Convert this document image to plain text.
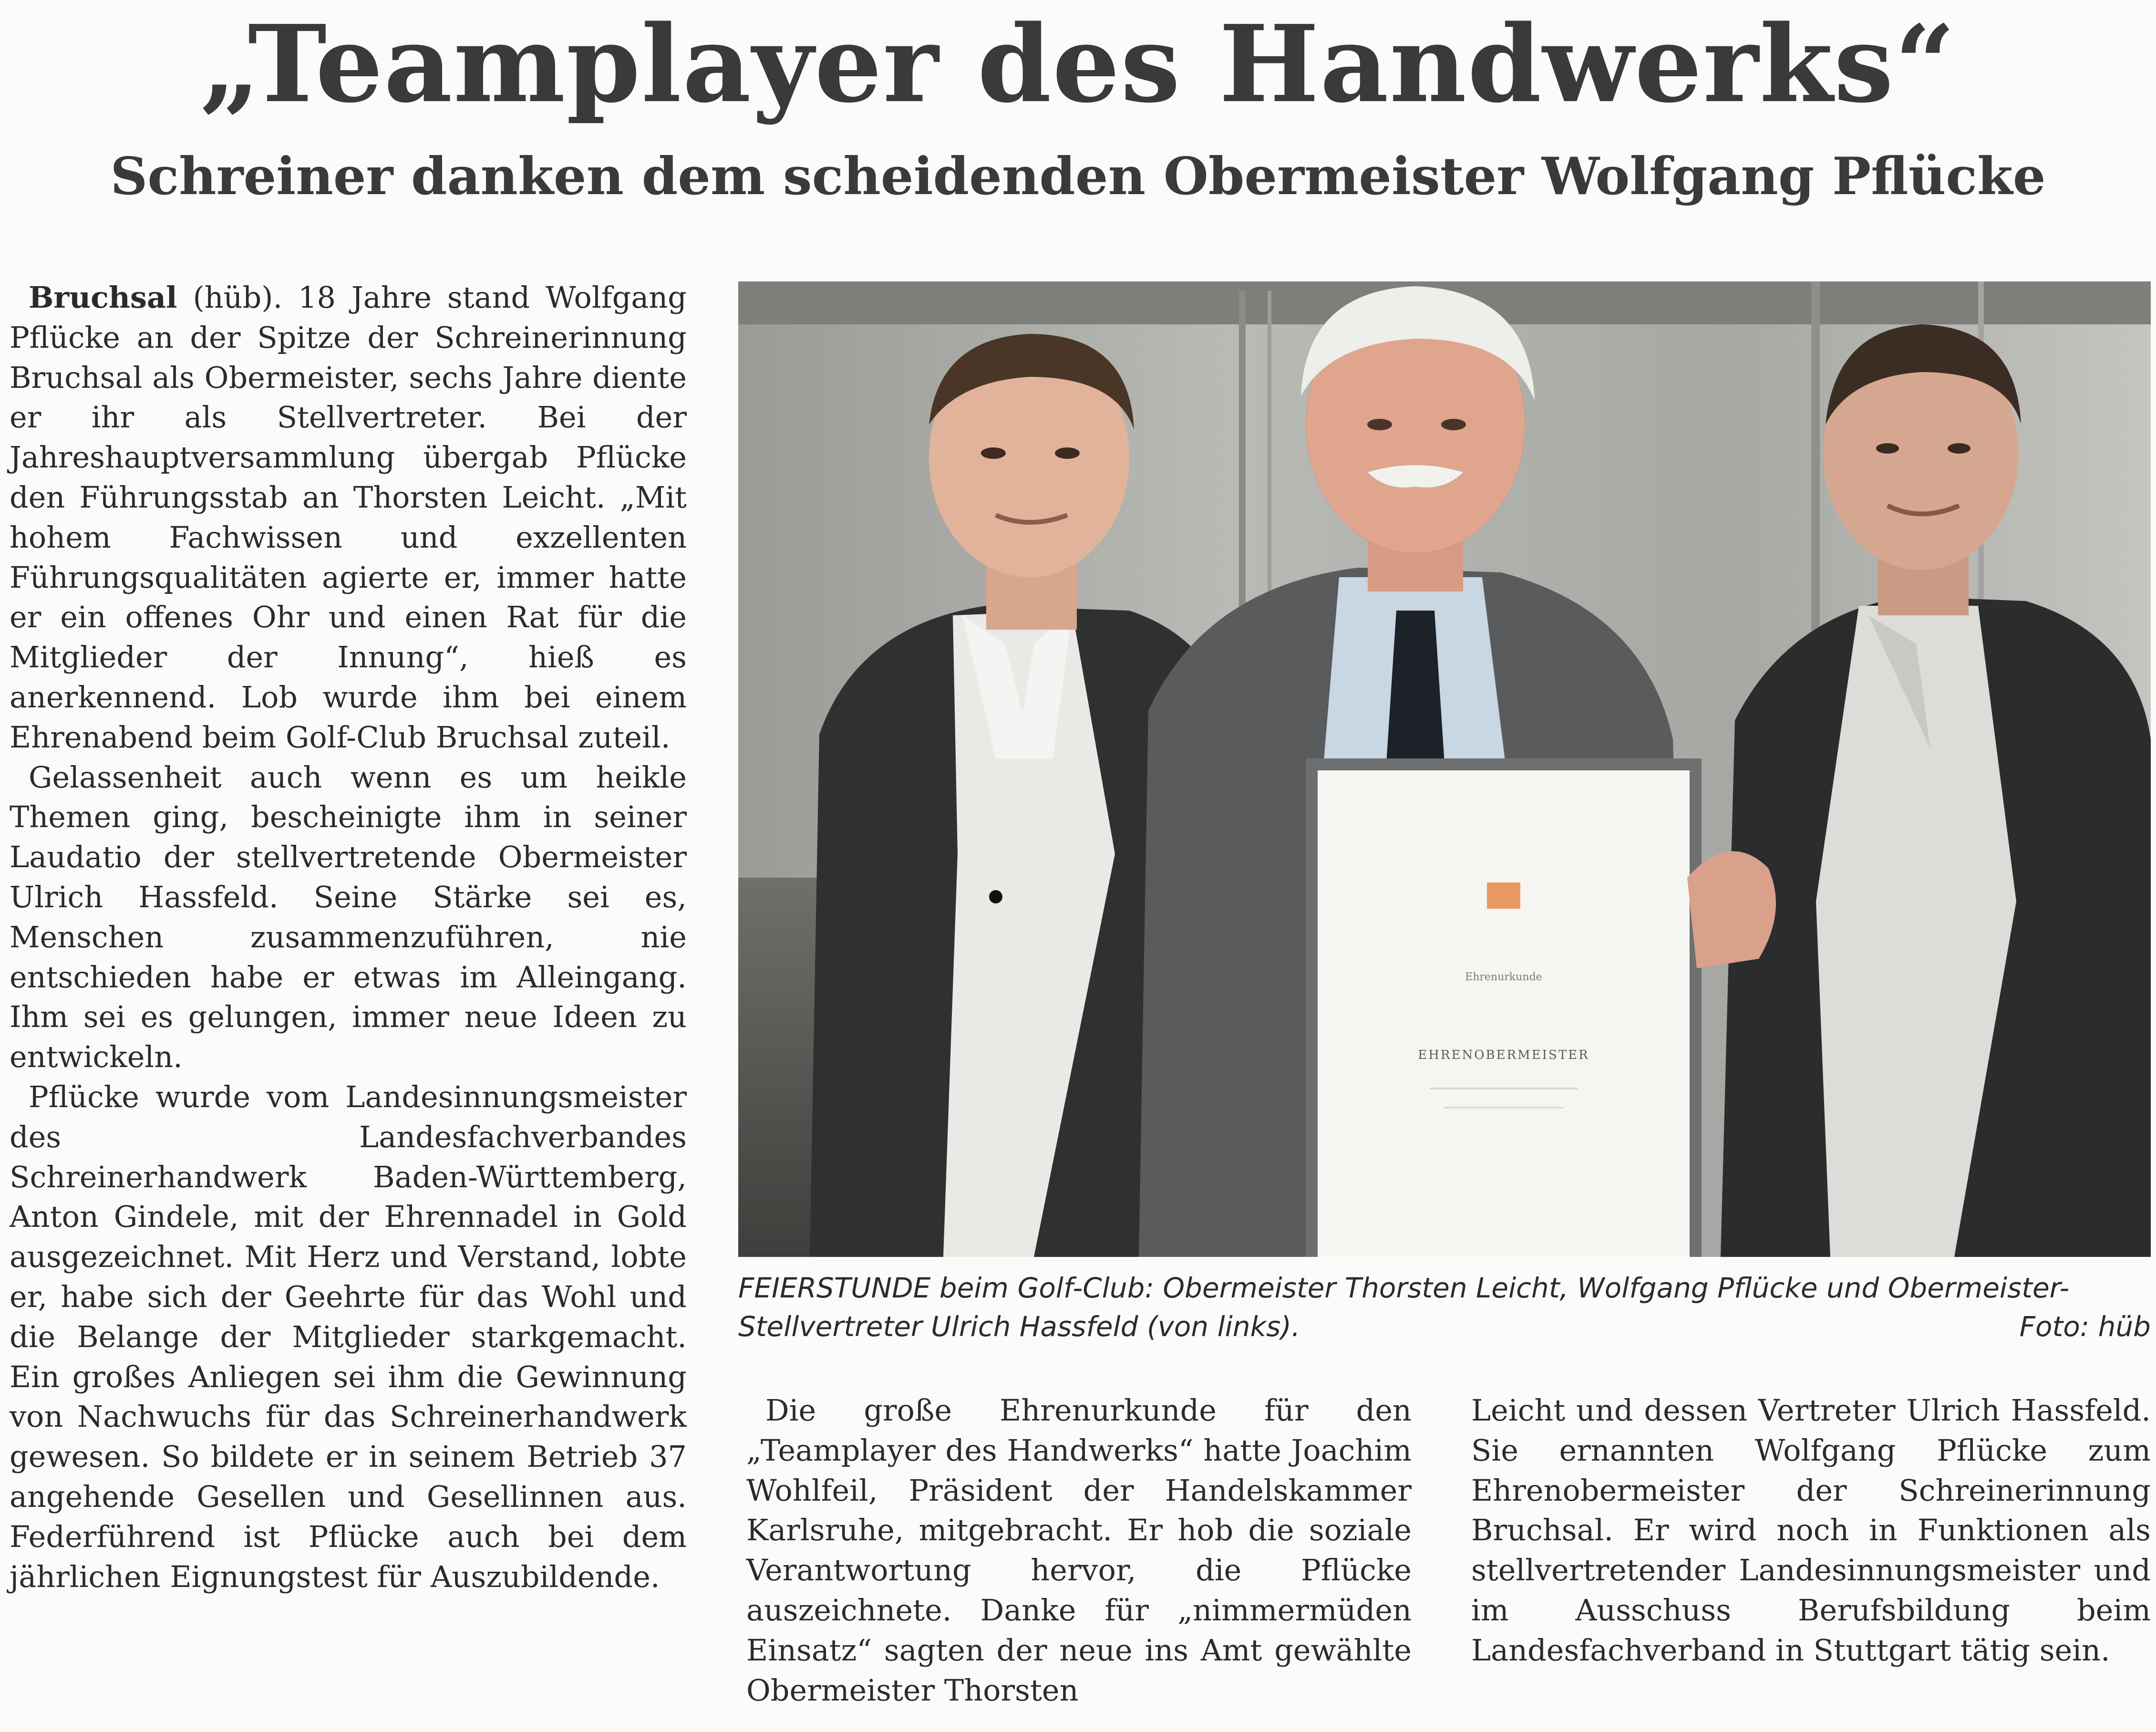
„Teamplayer des Handwerks“
Schreiner danken dem scheidenden Obermeister Wolfgang Pflücke

Bruchsal (hüb). 18 Jahre stand Wolfgang Pflücke an der Spitze der Schreinerinnung Bruchsal als Obermeister, sechs Jahre diente er ihr als Stellvertreter. Bei der Jahreshauptversammlung übergab Pflücke den Führungsstab an Thorsten Leicht. „Mit hohem Fachwissen und exzellenten Führungsqualitäten agierte er, immer hatte er ein offenes Ohr und einen Rat für die Mitglieder der Innung“, hieß es anerkennend. Lob wurde ihm bei einem Ehrenabend beim Golf-Club Bruchsal zuteil.

Gelassenheit auch wenn es um heikle Themen ging, bescheinigte ihm in seiner Laudatio der stellvertretende Obermeister Ulrich Hassfeld. Seine Stärke sei es, Menschen zusammenzuführen, nie entschieden habe er etwas im Alleingang. Ihm sei es gelungen, immer neue Ideen zu entwickeln.

Pflücke wurde vom Landesinnungsmeister des Landesfachverbandes Schreinerhandwerk Baden-Württemberg, Anton Gindele, mit der Ehrennadel in Gold ausgezeichnet. Mit Herz und Verstand, lobte er, habe sich der Geehrte für das Wohl und die Belange der Mitglieder starkgemacht. Ein großes Anliegen sei ihm die Gewinnung von Nachwuchs für das Schreinerhandwerk gewesen. So bildete er in seinem Betrieb 37 angehende Gesellen und Gesellinnen aus. Federführend ist Pflücke auch bei dem jährlichen Eignungstest für Auszubildende.

Ehrenurkunde
EHRENOBERMEISTER
FEIERSTUNDE beim Golf-Club: Obermeister Thorsten Leicht, Wolfgang Pflücke und Obermeister-Stellvertreter Ulrich Hassfeld (von links).	Foto: hüb

Die große Ehrenurkunde für den „Teamplayer des Handwerks“ hatte Joachim Wohlfeil, Präsident der Handelskammer Karlsruhe, mitgebracht. Er hob die soziale Verantwortung hervor, die Pflücke auszeichnete. Danke für „nimmermüden Einsatz“ sagten der neue ins Amt gewählte Obermeister Thorsten

Leicht und dessen Vertreter Ulrich Hassfeld. Sie ernannten Wolfgang Pflücke zum Ehrenobermeister der Schreinerinnung Bruchsal. Er wird noch in Funktionen als stellvertretender Landesinnungsmeister und im Ausschuss Berufsbildung beim Landesfachverband in Stuttgart tätig sein.
